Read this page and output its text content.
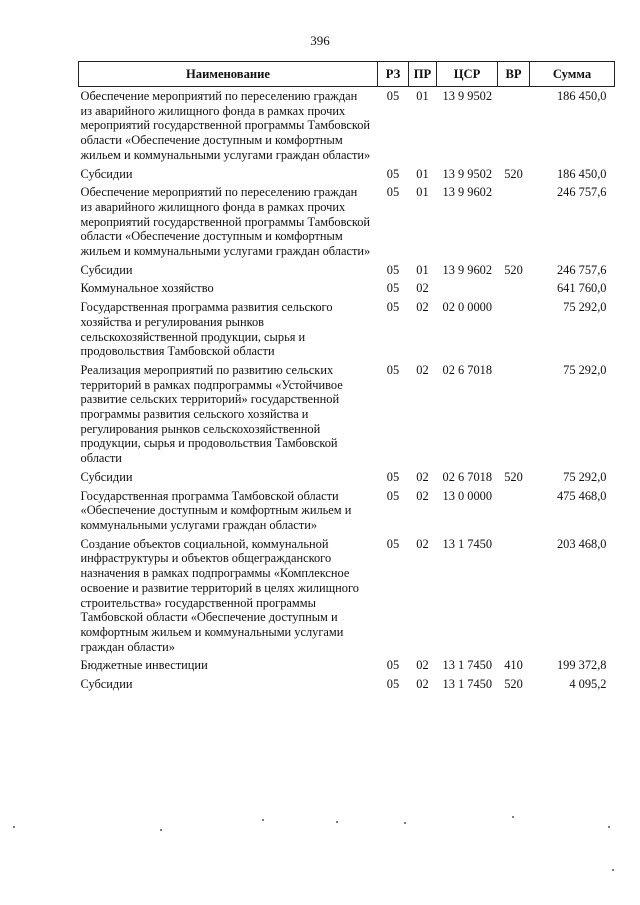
396
Наименование	РЗ	ПР	ЦСР	ВР	Сумма
Обеспечение мероприятий по переселению граждан из аварийного жилищного фонда в рамках прочих мероприятий государственной программы Тамбовской области «Обеспечение доступным и комфортным жильем и коммунальными услугами граждан области»	05	01	13 9 9502		186 450,0
Субсидии	05	01	13 9 9502	520	186 450,0
Обеспечение мероприятий по переселению граждан из аварийного жилищного фонда в рамках прочих мероприятий государственной программы Тамбовской области «Обеспечение доступным и комфортным жильем и коммунальными услугами граждан области»	05	01	13 9 9602		246 757,6
Субсидии	05	01	13 9 9602	520	246 757,6
Коммунальное хозяйство	05	02			641 760,0
Государственная программа развития сельского хозяйства и регулирования рынков сельскохозяйственной продукции, сырья и продовольствия Тамбовской области	05	02	02 0 0000		75 292,0
Реализация мероприятий по развитию сельских территорий в рамках подпрограммы «Устойчивое развитие сельских территорий» государственной программы развития сельского хозяйства и регулирования рынков сельскохозяйственной продукции, сырья и продовольствия Тамбовской области	05	02	02 6 7018		75 292,0
Субсидии	05	02	02 6 7018	520	75 292,0
Государственная программа Тамбовской области «Обеспечение доступным и комфортным жильем и коммунальными услугами граждан области»	05	02	13 0 0000		475 468,0
Создание объектов социальной, коммунальной инфраструктуры и объектов общегражданского назначения в рамках подпрограммы «Комплексное освоение и развитие территорий в целях жилищного строительства» государственной программы Тамбовской области «Обеспечение доступным и комфортным жильем и коммунальными услугами граждан области»	05	02	13 1 7450		203 468,0
Бюджетные инвестиции	05	02	13 1 7450	410	199 372,8
Субсидии	05	02	13 1 7450	520	4 095,2
